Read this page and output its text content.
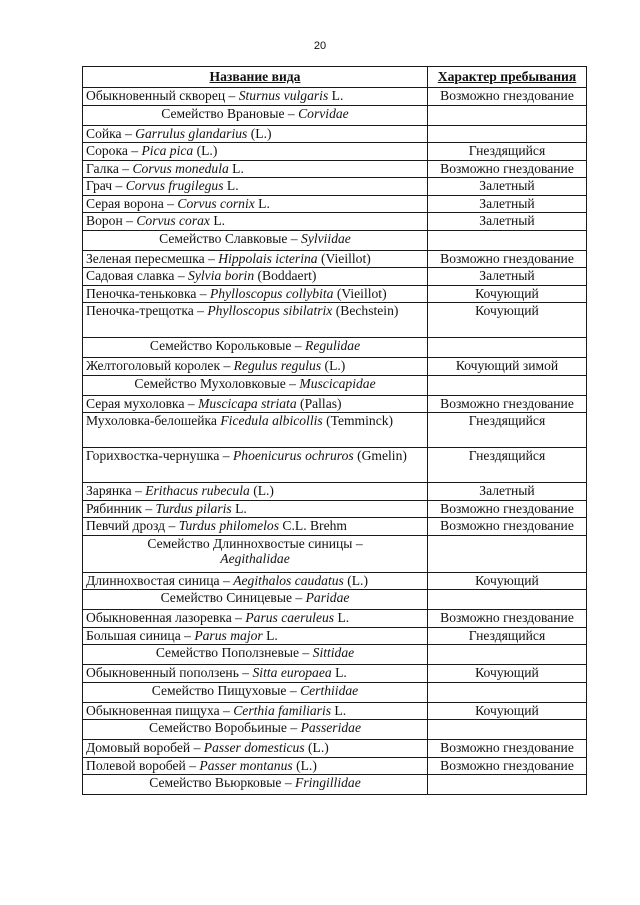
20
Название вида	Характер пребывания
Обыкновенный скворец – Sturnus vulgaris L.	Возможно гнездование
Семейство Врановые – Corvidae	
Сойка – Garrulus glandarius (L.)	
Сорока – Pica pica (L.)	Гнездящийся
Галка – Corvus monedula L.	Возможно гнездование
Грач – Corvus frugilegus L.	Залетный
Серая ворона – Corvus cornix L.	Залетный
Ворон – Corvus corax L.	Залетный
Семейство Славковые – Sylviidae	
Зеленая пересмешка – Hippolais icterina (Vieillot)	Возможно гнездование
Садовая славка – Sylvia borin (Boddaert)	Залетный
Пеночка-теньковка – Phylloscopus collybita (Vieillot)	Кочующий
Пеночка-трещотка – Phylloscopus sibilatrix (Bechstein)	Кочующий
Семейство Корольковые – Regulidae	
Желтоголовый королек – Regulus regulus (L.)	Кочующий зимой
Семейство Мухоловковые – Muscicapidae	
Серая мухоловка – Muscicapa striata (Pallas)	Возможно гнездование
Мухоловка-белошейка Ficedula albicollis (Temminck)	Гнездящийся
Горихвостка-чернушка – Phoenicurus ochruros (Gmelin)	Гнездящийся
Зарянка – Erithacus rubecula (L.)	Залетный
Рябинник – Turdus pilaris L.	Возможно гнездование
Певчий дрозд – Turdus philomelos C.L. Brehm	Возможно гнездование
Семейство Длиннохвостые синицы –
Aegithalidae	
Длиннохвостая синица – Aegithalos caudatus (L.)	Кочующий
Семейство Синицевые – Paridae	
Обыкновенная лазоревка – Parus caeruleus L.	Возможно гнездование
Большая синица – Parus major L.	Гнездящийся
Семейство Поползневые – Sittidae	
Обыкновенный поползень – Sitta europaea L.	Кочующий
Семейство Пищуховые – Certhiidae	
Обыкновенная пищуха – Certhia familiaris L.	Кочующий
Семейство Воробьиные – Passeridae	
Домовый воробей – Passer domesticus (L.)	Возможно гнездование
Полевой воробей – Passer montanus (L.)	Возможно гнездование
Семейство Вьюрковые – Fringillidae	
